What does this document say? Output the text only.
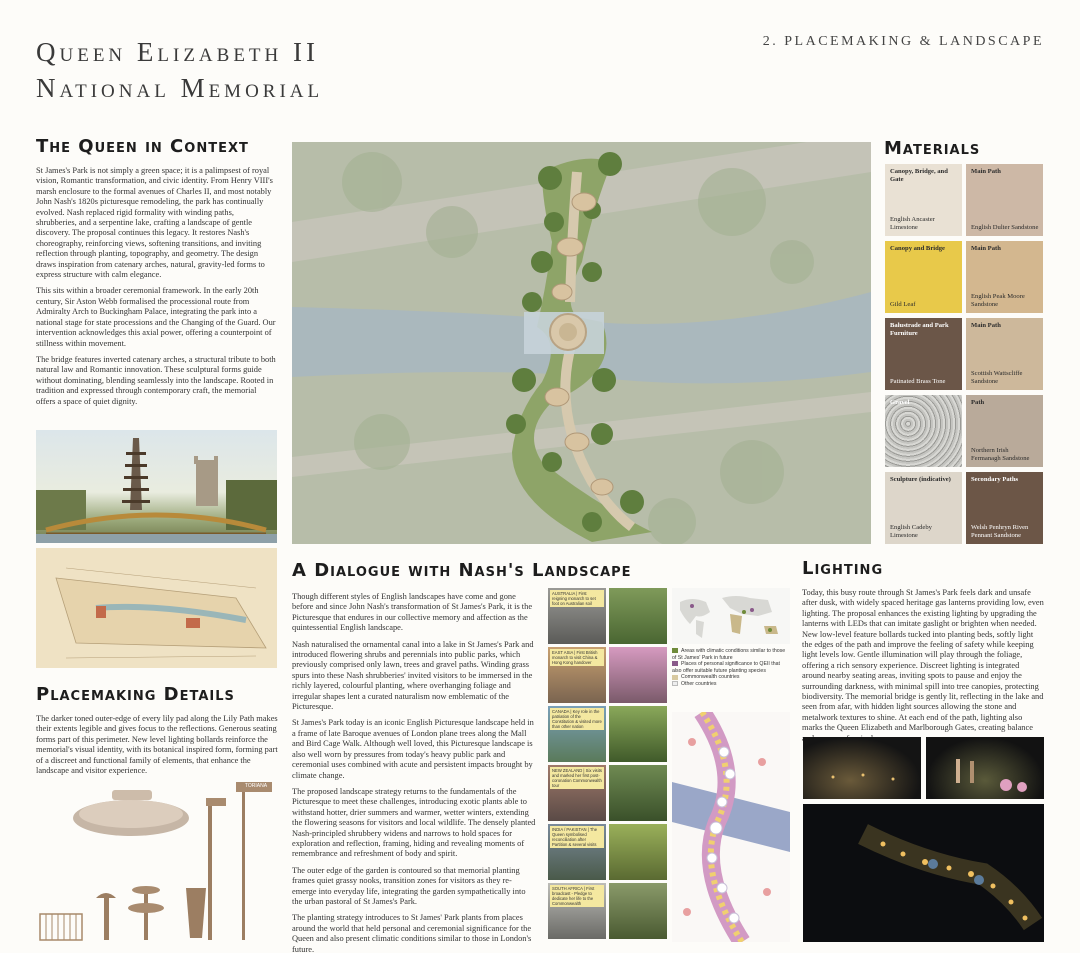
Queen Elizabeth II
National Memorial
2. PLACEMAKING & LANDSCAPE
The Queen in Context

St James's Park is not simply a green space; it is a palimpsest of royal vision, Romantic transformation, and civic identity. From Henry VIII's marsh enclosure to the formal avenues of Charles II, and most notably John Nash's 1820s picturesque remodeling, the park has continually evolved. Nash replaced rigid formality with winding paths, shrubberies, and a serpentine lake, crafting a landscape of gentle discovery. The proposal continues this legacy. It restores Nash's choreography, reinforcing views, softening transitions, and inviting reflection through planting, topography, and geometry. The design draws inspiration from catenary arches, natural, gravity-led forms to express structure with calm elegance.

This sits within a broader ceremonial framework. In the early 20th century, Sir Aston Webb formalised the processional route from Admiralty Arch to Buckingham Palace, integrating the park into a national stage for state processions and the Changing of the Guard. Our intervention acknowledges this axial power, offering a counterpoint of stillness within movement.

The bridge features inverted catenary arches, a structural tribute to both natural law and Romantic innovation. These sculptural forms guide without dominating, blending seamlessly into the landscape. Rooted in tradition and expressed through contemporary craft, the memorial offers a space of quiet dignity.

Placemaking Details
The darker toned outer-edge of every lily pad along the Lily Path makes their extents legible and gives focus to the reflections. Generous seating forms part of this perimeter. New level lighting bollards reinforce the memorial's visual identity, with its botanical inspired form, forming part of a discreet and functional family of elements, that enhance the landscape and visitor experience.
TORIANA
Materials
Canopy, Bridge, and Gate
English Ancaster Limestone
Main Path
English Dulter Sandstone
Canopy and Bridge
Gild Leaf
Main Path
English Peak Moore Sandstone
Balustrade and Park Furniture
Patinated Brass Tone
Main Path
Scottish Wattscliffe Sandstone
Gravel	Path
Northern Irish Fermanagh Sandstone
Sculpture (indicative)
English Cadeby Limestone
Secondary Paths
Welsh Penhryn Riven Pennant Sandstone
A Dialogue with Nash's Landscape

Though different styles of English landscapes have come and gone before and since John Nash's transformation of St James's Park, it is the Picturesque that endures in our collective memory and affection as the quintessential English landscape.

Nash naturalised the ornamental canal into a lake in St James's Park and introduced flowering shrubs and perennials into public parks, which previously comprised only lawn, trees and gravel paths. Winding grass spurs into these Nash shrubberies' invited visitors to be immersed in the richly layered, colourful planting, where overhanging foliage and irregular shapes lent a curated naturalism now emblematic of the Picturesque.

St James's Park today is an iconic English Picturesque landscape held in a frame of late Baroque avenues of London plane trees along the Mall and Bird Cage Walk. Although well loved, this Picturesque landscape is also well worn by pressures from today's heavy public park and ceremonial uses combined with acute and persistent impacts brought by climate change.

The proposed landscape strategy returns to the fundamentals of the Picturesque to meet these challenges, introducing exotic plants able to withstand hotter, drier summers and warmer, wetter winters, extending the flowering seasons for visitors and local wildlife. The densely planted Nash-principled shrubbery widens and narrows to hold spaces for exploration and reflection, framing, hiding and revealing moments of remembrance and refreshment of body and spirit.

The outer edge of the garden is contoured so that memorial planting frames quiet grassy nooks, transition zones for visitors as they re-emerge into everyday life, integrating the garden sympathetically into the urban pastoral of St James's Park.

The planting strategy introduces to St James' Park plants from places around the world that held personal and ceremonial significance for the Queen and also present climatic conditions similar to those in London's future.

AUSTRALIA | First reigning monarch to set foot on Australian soil
EAST ASIA | First British monarch to visit China & Hong Kong handover
CANADA | Key role in the patriation of the Constitution & visited more than other nation
NEW ZEALAND | Six visits and marked her first post-coronation Commonwealth tour
INDIA / PAKISTAN | The Queen symbolised reconciliation after Partition & several visits
SOUTH AFRICA | First broadcast - Pledge to dedicate her life to the Commonwealth
Areas with climatic conditions similar to those of St James' Park in future
Places of personal significance to QEII that also offer suitable future planting species
Commonwealth countries
Other countries
Lighting
Today, this busy route through St James's Park feels dark and unsafe after dusk, with widely spaced heritage gas lanterns providing low, even lighting. The proposal enhances the existing lighting by upgrading the lanterns with LEDs that can imitate gaslight or brighten when needed. New low-level feature bollards tucked into planting beds, softly light the edges of the path and improve the feeling of safety while keeping light levels low. Gentle illumination will play through the foliage, offering a rich sensory experience. Discreet lighting is integrated around nearby seating areas, inviting spots to pause and enjoy the surrounding darkness, with minimal spill into tree canopies, protecting biodiversity. The memorial bridge is gently lit, reflecting in the lake and seen from afar, with hidden light sources allowing the stone and metalwork textures to shine. At each end of the path, lighting also marks the Queen Elizabeth and Marlborough Gates, creating balance
